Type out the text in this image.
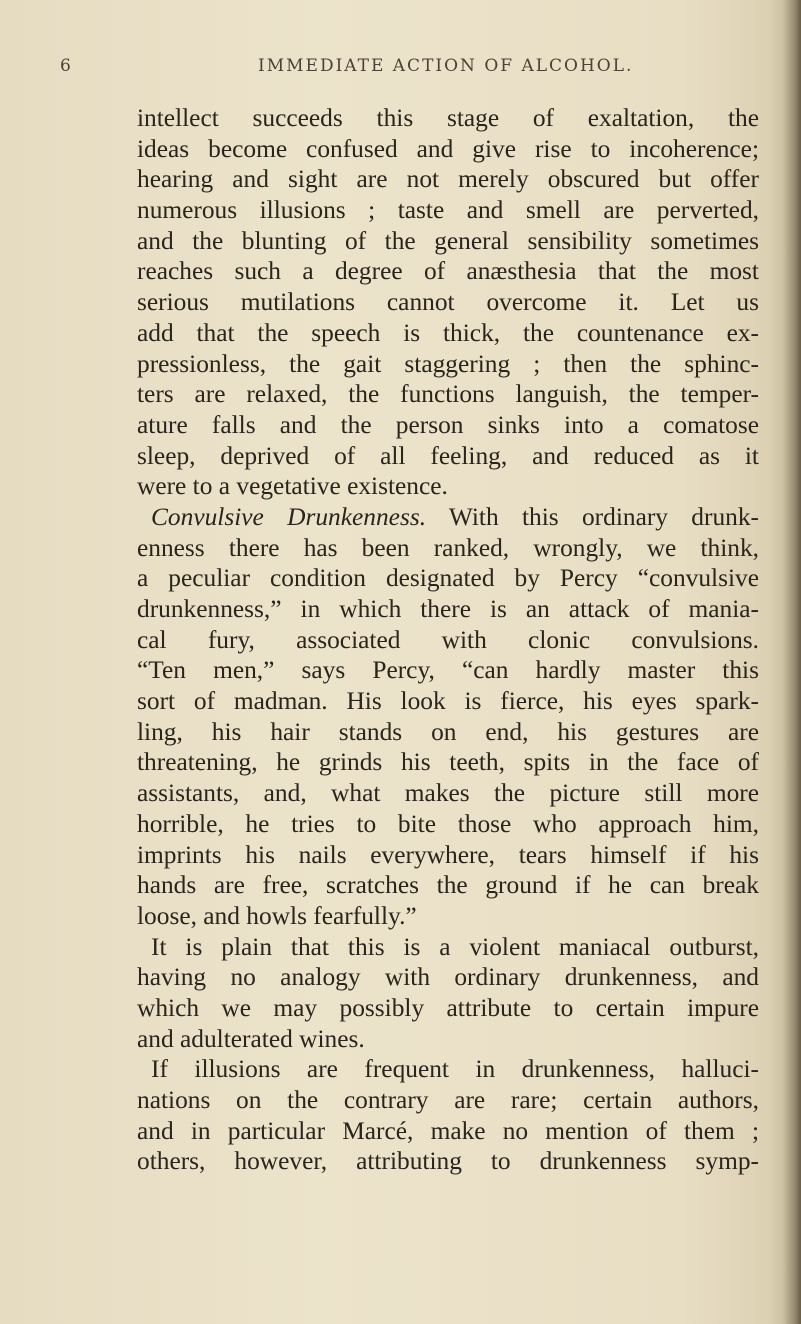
6	IMMEDIATE ACTION OF ALCOHOL.
intellect succeeds this stage of exaltation, the
ideas become confused and give rise to incoherence;
hearing and sight are not merely obscured but offer
numerous illusions ; taste and smell are perverted,
and the blunting of the general sensibility sometimes
reaches such a degree of anæsthesia that the most
serious mutilations cannot overcome it. Let us
add that the speech is thick, the countenance ex-
pressionless, the gait staggering ; then the sphinc-
ters are relaxed, the functions languish, the temper-
ature falls and the person sinks into a comatose
sleep, deprived of all feeling, and reduced as it
were to a vegetative existence.
Convulsive Drunkenness. With this ordinary drunk-
enness there has been ranked, wrongly, we think,
a peculiar condition designated by Percy “convulsive
drunkenness,” in which there is an attack of mania-
cal fury, associated with clonic convulsions.
“Ten men,” says Percy, “can hardly master this
sort of madman. His look is fierce, his eyes spark-
ling, his hair stands on end, his gestures are
threatening, he grinds his teeth, spits in the face of
assistants, and, what makes the picture still more
horrible, he tries to bite those who approach him,
imprints his nails everywhere, tears himself if his
hands are free, scratches the ground if he can break
loose, and howls fearfully.”
It is plain that this is a violent maniacal outburst,
having no analogy with ordinary drunkenness, and
which we may possibly attribute to certain impure
and adulterated wines.
If illusions are frequent in drunkenness, halluci-
nations on the contrary are rare; certain authors,
and in particular Marcé, make no mention of them ;
others, however, attributing to drunkenness symp-
